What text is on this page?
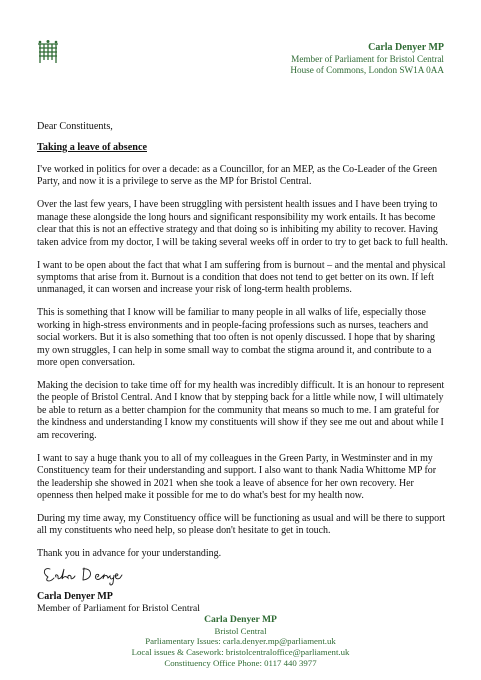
Carla Denyer MP
Member of Parliament for Bristol Central
House of Commons, London SW1A 0AA
Dear Constituents,
Taking a leave of absence

I've worked in politics for over a decade: as a Councillor, for an MEP, as the Co-Leader of the Green Party, and now it is a privilege to serve as the MP for Bristol Central.

Over the last few years, I have been struggling with persistent health issues and I have been trying to manage these alongside the long hours and significant responsibility my work entails. It has become clear that this is not an effective strategy and that doing so is inhibiting my ability to recover. Having taken advice from my doctor, I will be taking several weeks off in order to try to get back to full health.

I want to be open about the fact that what I am suffering from is burnout – and the mental and physical symptoms that arise from it. Burnout is a condition that does not tend to get better on its own. If left unmanaged, it can worsen and increase your risk of long-term health problems.

This is something that I know will be familiar to many people in all walks of life, especially those working in high-stress environments and in people-facing professions such as nurses, teachers and social workers. But it is also something that too often is not openly discussed. I hope that by sharing my own struggles, I can help in some small way to combat the stigma around it, and contribute to a more open conversation.

Making the decision to take time off for my health was incredibly difficult. It is an honour to represent the people of Bristol Central. And I know that by stepping back for a little while now, I will ultimately be able to return as a better champion for the community that means so much to me. I am grateful for the kindness and understanding I know my constituents will show if they see me out and about while I am recovering.

I want to say a huge thank you to all of my colleagues in the Green Party, in Westminster and in my Constituency team for their understanding and support. I also want to thank Nadia Whittome MP for the leadership she showed in 2021 when she took a leave of absence for her own recovery. Her openness then helped make it possible for me to do what's best for my health now.

During my time away, my Constituency office will be functioning as usual and will be there to support all my constituents who need help, so please don't hesitate to get in touch.

Thank you in advance for your understanding.

Carla Denyer MP
Member of Parliament for Bristol Central
Carla Denyer MP
Bristol Central
Parliamentary Issues: carla.denyer.mp@parliament.uk
Local issues & Casework: bristolcentraloffice@parliament.uk
Constituency Office Phone: 0117 440 3977
